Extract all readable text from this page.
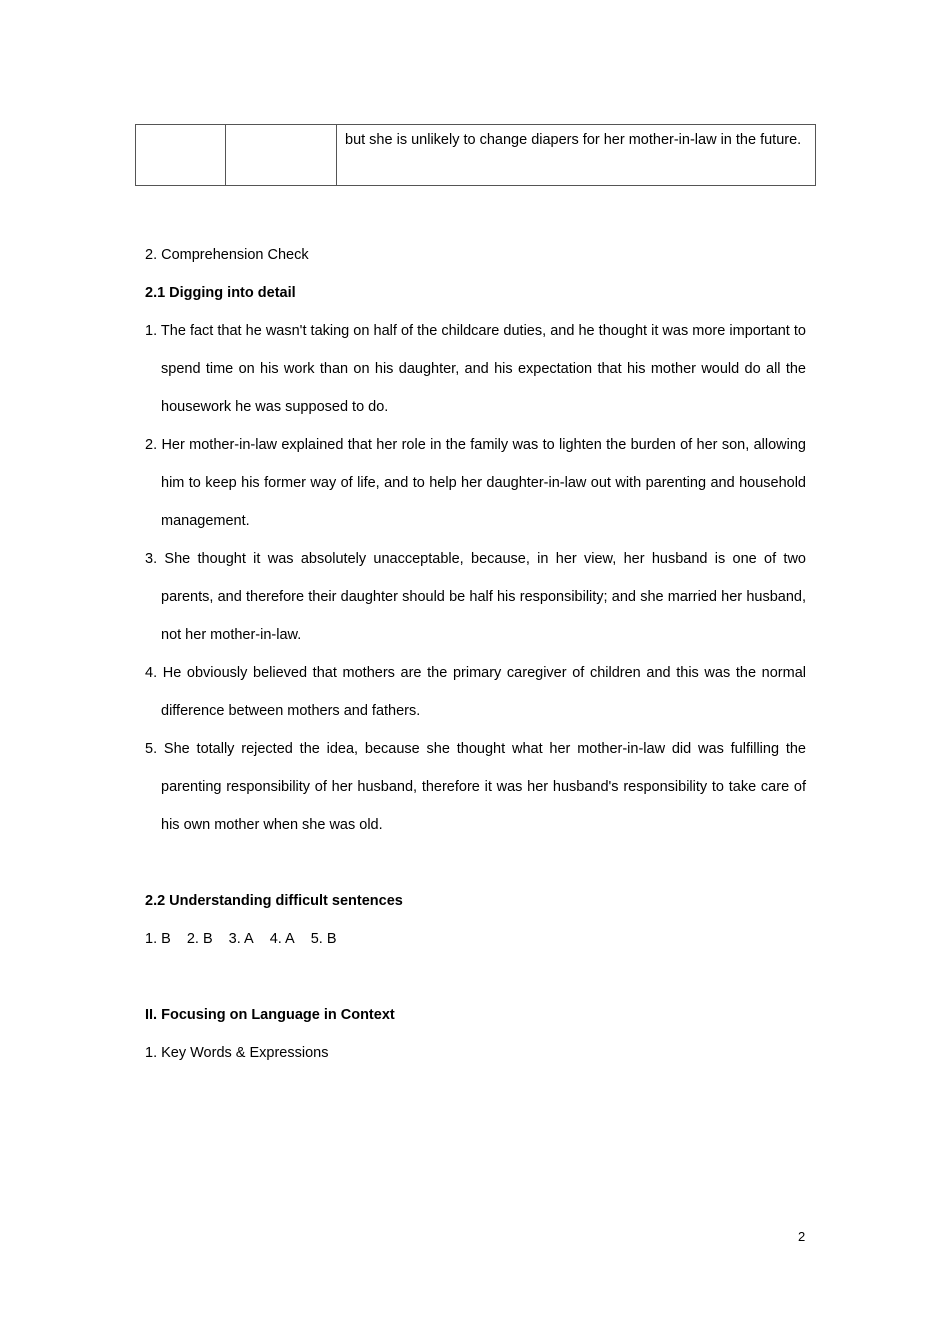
		but she is unlikely to change diapers for her mother-in-law in the future.
2. Comprehension Check
2.1 Digging into detail
1. The fact that he wasn't taking on half of the childcare duties, and he thought it was more important to spend time on his work than on his daughter, and his expectation that his mother would do all the housework he was supposed to do.
2. Her mother-in-law explained that her role in the family was to lighten the burden of her son, allowing him to keep his former way of life, and to help her daughter-in-law out with parenting and household management.
3. She thought it was absolutely unacceptable, because, in her view, her husband is one of two parents, and therefore their daughter should be half his responsibility; and she married her husband, not her mother-in-law.
4. He obviously believed that mothers are the primary caregiver of children and this was the normal difference between mothers and fathers.
5. She totally rejected the idea, because she thought what her mother-in-law did was fulfilling the parenting responsibility of her husband, therefore it was her husband's responsibility to take care of his own mother when she was old.
2.2 Understanding difficult sentences
1. B 2. B 3. A 4. A 5. B
II. Focusing on Language in Context
1. Key Words & Expressions
2
